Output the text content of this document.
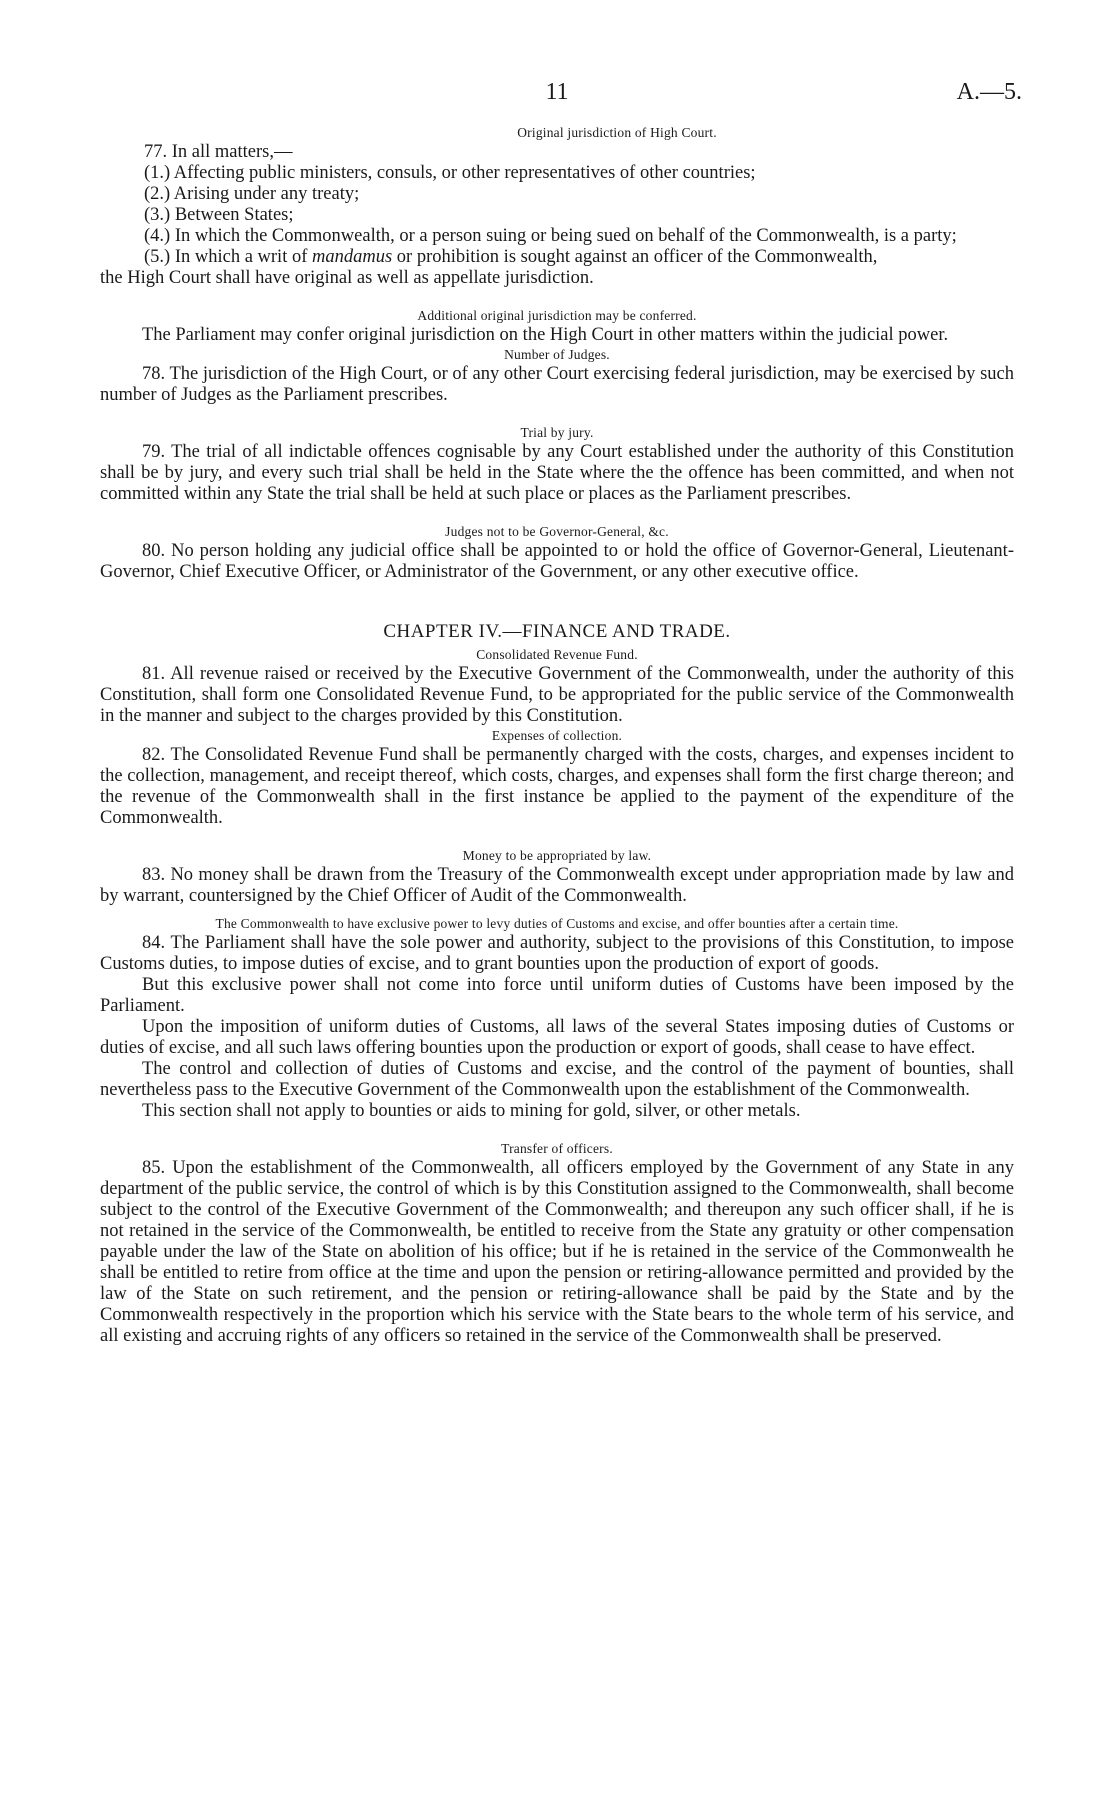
11	A.—5.
Original jurisdiction of High Court.

77. In all matters,—

(1.) Affecting public ministers, consuls, or other representatives of other countries;

(2.) Arising under any treaty;

(3.) Between States;

(4.) In which the Commonwealth, or a person suing or being sued on behalf of the Commonwealth, is a party;

(5.) In which a writ of mandamus or prohibition is sought against an officer of the Commonwealth,

the High Court shall have original as well as appellate jurisdiction.

Additional original jurisdiction may be conferred.

The Parliament may confer original jurisdiction on the High Court in other matters within the judicial power.

Number of Judges.

78. The jurisdiction of the High Court, or of any other Court exercising federal jurisdiction, may be exercised by such number of Judges as the Parliament prescribes.

Trial by jury.

79. The trial of all indictable offences cognisable by any Court established under the authority of this Constitution shall be by jury, and every such trial shall be held in the State where the the offence has been committed, and when not committed within any State the trial shall be held at such place or places as the Parliament prescribes.

Judges not to be Governor-General, &c.

80. No person holding any judicial office shall be appointed to or hold the office of Governor-General, Lieutenant-Governor, Chief Executive Officer, or Administrator of the Government, or any other executive office.

CHAPTER IV.—FINANCE AND TRADE.
Consolidated Revenue Fund.

81. All revenue raised or received by the Executive Government of the Commonwealth, under the authority of this Constitution, shall form one Consolidated Revenue Fund, to be appropriated for the public service of the Commonwealth in the manner and subject to the charges provided by this Constitution.

Expenses of collection.

82. The Consolidated Revenue Fund shall be permanently charged with the costs, charges, and expenses incident to the collection, management, and receipt thereof, which costs, charges, and expenses shall form the first charge thereon; and the revenue of the Commonwealth shall in the first instance be applied to the payment of the expenditure of the Commonwealth.

Money to be appropriated by law.

83. No money shall be drawn from the Treasury of the Commonwealth except under appropriation made by law and by warrant, countersigned by the Chief Officer of Audit of the Commonwealth.

The Commonwealth to have exclusive power to levy duties of Customs and excise, and offer bounties after a certain time.

84. The Parliament shall have the sole power and authority, subject to the provisions of this Constitution, to impose Customs duties, to impose duties of excise, and to grant bounties upon the production of export of goods.

But this exclusive power shall not come into force until uniform duties of Customs have been imposed by the Parliament.

Upon the imposition of uniform duties of Customs, all laws of the several States imposing duties of Customs or duties of excise, and all such laws offering bounties upon the production or export of goods, shall cease to have effect.

The control and collection of duties of Customs and excise, and the control of the payment of bounties, shall nevertheless pass to the Executive Government of the Commonwealth upon the establishment of the Commonwealth.

This section shall not apply to bounties or aids to mining for gold, silver, or other metals.

Transfer of officers.

85. Upon the establishment of the Commonwealth, all officers employed by the Government of any State in any department of the public service, the control of which is by this Constitution assigned to the Commonwealth, shall become subject to the control of the Executive Government of the Commonwealth; and thereupon any such officer shall, if he is not retained in the service of the Commonwealth, be entitled to receive from the State any gratuity or other compensation payable under the law of the State on abolition of his office; but if he is retained in the service of the Commonwealth he shall be entitled to retire from office at the time and upon the pension or retiring-allowance permitted and provided by the law of the State on such retirement, and the pension or retiring-allowance shall be paid by the State and by the Commonwealth respectively in the proportion which his service with the State bears to the whole term of his service, and all existing and accruing rights of any officers so retained in the service of the Commonwealth shall be preserved.
